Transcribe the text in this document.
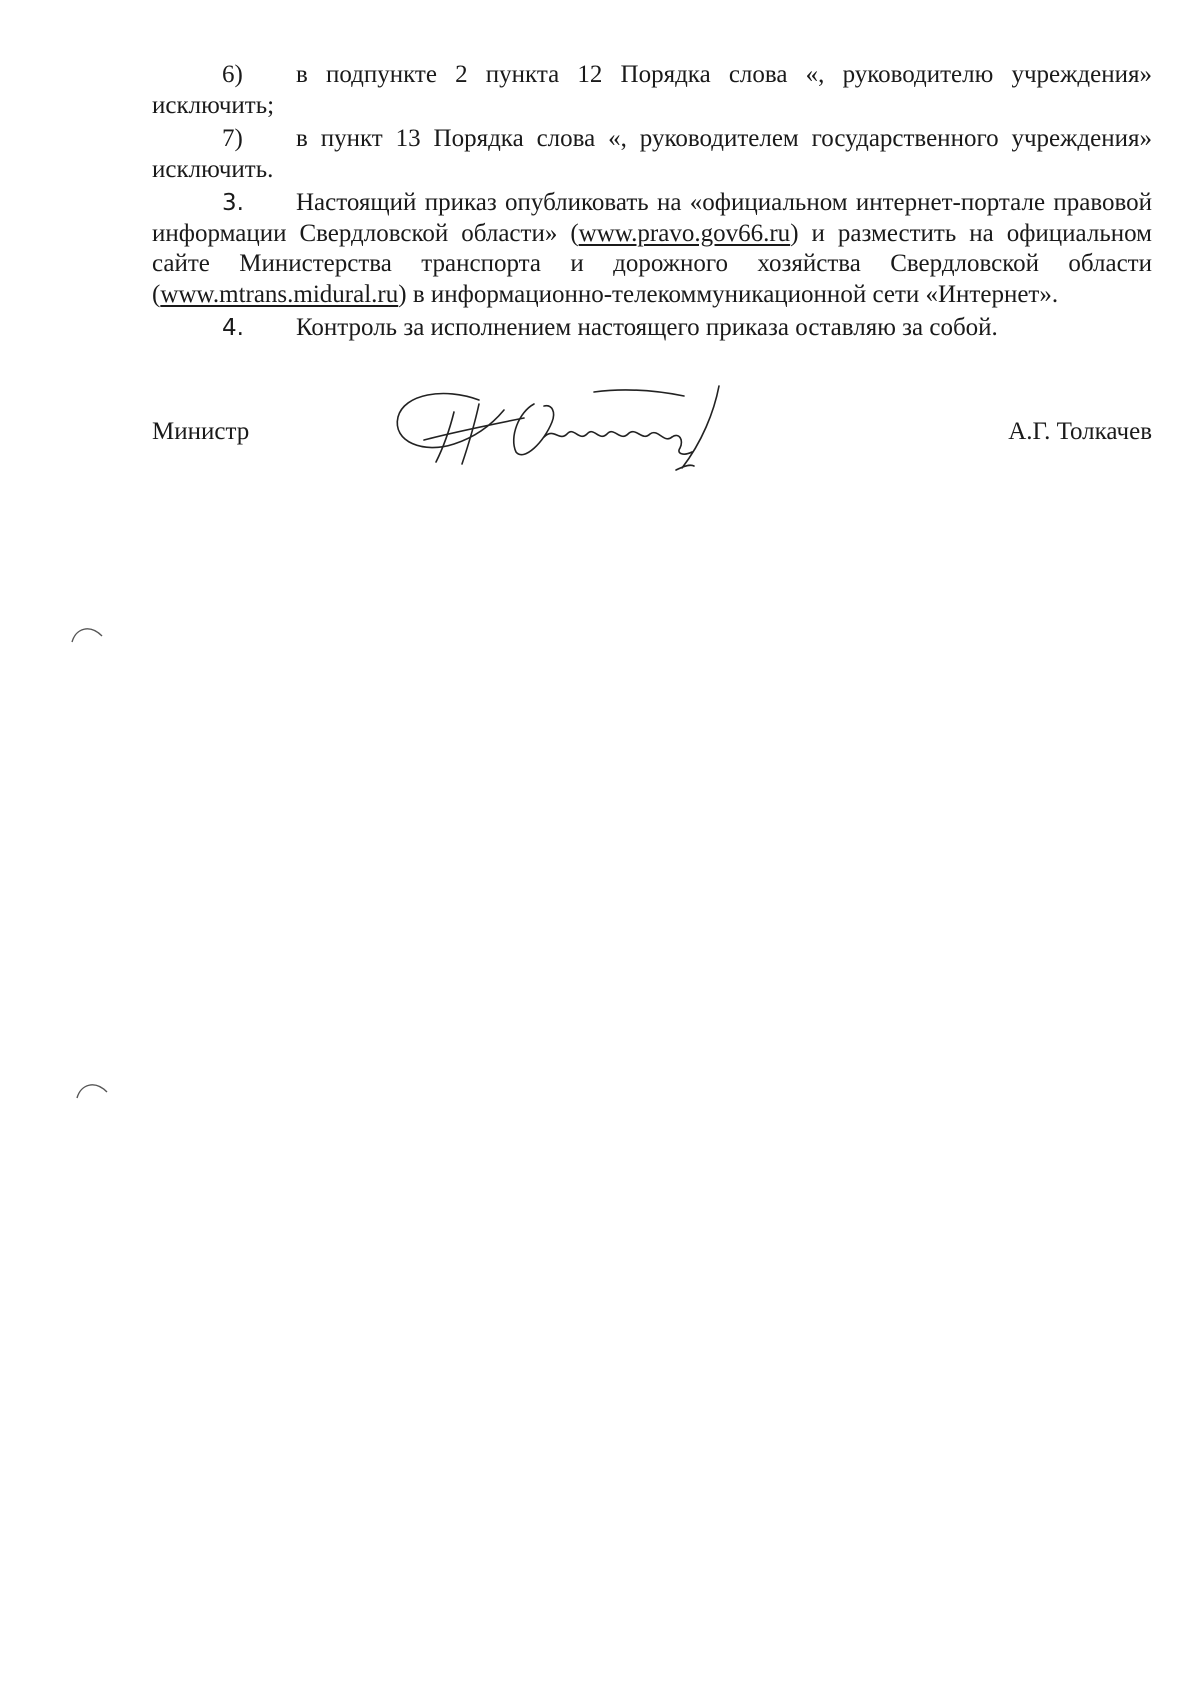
6) в подпункте 2 пункта 12 Порядка слова «, руководителю учреждения» исключить;

7) в пункт 13 Порядка слова «, руководителем государственного учреждения» исключить.

3. Настоящий приказ опубликовать на «официальном интернет-портале правовой информации Свердловской области» (www.pravo.gov66.ru) и разместить на официальном сайте Министерства транспорта и дорожного хозяйства Свердловской области (www.mtrans.midural.ru) в информационно-телекоммуникационной сети «Интернет».

4. Контроль за исполнением настоящего приказа оставляю за собой.

Министр	А.Г. Толкачев
